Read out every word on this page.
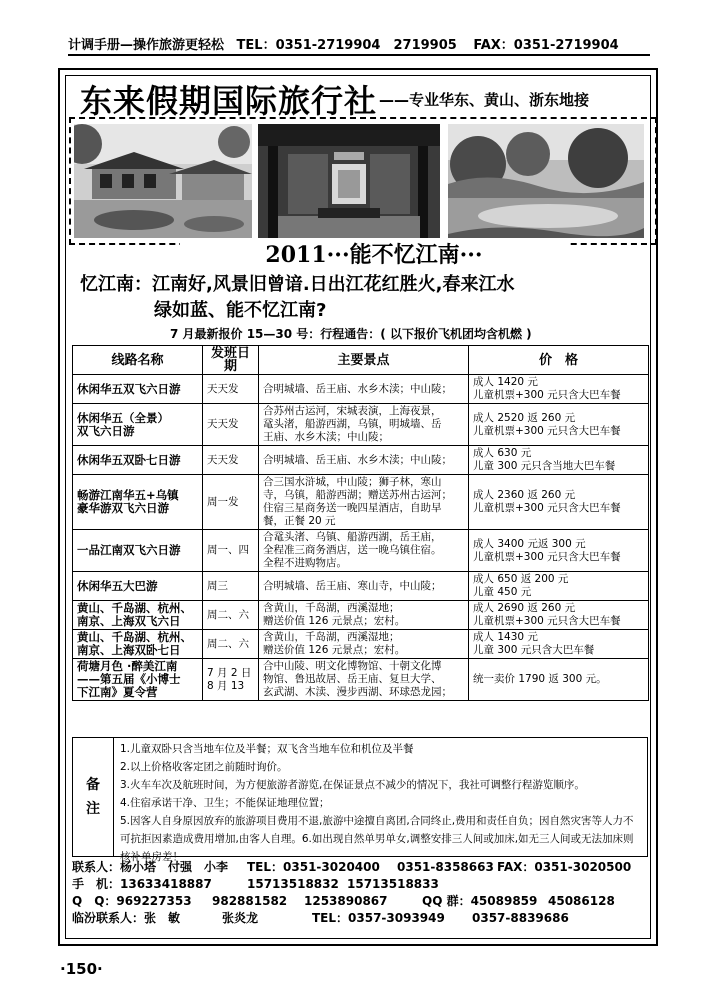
计调手册—操作旅游更轻松 TEL：0351-2719904　2719905 FAX：0351-2719904
东来假期国际旅行社 ——专业华东、黄山、浙东地接
2011···能不忆江南···
忆江南：江南好,风景旧曾谙.日出江花红胜火,春来江水
绿如蓝、能不忆江南?
7 月最新报价 15—30 号：行程通告：( 以下报价飞机团均含机燃 )
线路名称	发班日期	主要景点	价　格
休闲华五双飞六日游	天天发	合明城墙、岳王庙、水乡木渎；中山陵；	成人 1420 元
儿童机票+300 元只含大巴车餐
休闲华五（全景）
双飞六日游	天天发	合苏州古运河，宋城表演，上海夜景，
鼋头渚，船游西湖，乌镇，明城墙、岳
王庙、水乡木渎；中山陵；	成人 2520 返 260 元
儿童机票+300 元只含大巴车餐
休闲华五双卧七日游	天天发	合明城墙、岳王庙、水乡木渎；中山陵；	成人 630 元
儿童 300 元只含当地大巴车餐
畅游江南华五+乌镇
豪华游双飞六日游	周一发	合三国水浒城，中山陵；狮子林，寒山
寺，乌镇，船游西湖；赠送苏州古运河；
住宿三星商务送一晚四星酒店，自助早
餐，正餐 20 元	成人 2360 返 260 元
儿童机票+300 元只含大巴车餐
一品江南双飞六日游	周一、四	合鼋头渚、乌镇、船游西湖，岳王庙，
全程准三商务酒店，送一晚乌镇住宿。
全程不进购物店。	成人 3400 元返 300 元
儿童机票+300 元只含大巴车餐
休闲华五大巴游	周三	合明城墙、岳王庙、寒山寺，中山陵；	成人 650 返 200 元
儿童 450 元
黄山、千岛湖、杭州、
南京、上海双飞六日	周二、六	含黄山，千岛湖，西溪湿地；
赠送价值 126 元景点；宏村。	成人 2690 返 260 元
儿童机票+300 元只含大巴车餐
黄山、千岛湖、杭州、
南京、上海双卧七日	周二、六	含黄山，千岛湖，西溪湿地；
赠送价值 126 元景点；宏村。	成人 1430 元
儿童 300 元只含大巴车餐
荷塘月色 ·醉美江南
——第五届《小博士
下江南》夏令营	7 月 2 日
8 月 13	合中山陵、明文化博物馆、十朝文化博
物馆、鲁迅故居、岳王庙、复旦大学、
玄武湖、木渎、漫步西湖、环球恐龙园；	统一卖价 1790 返 300 元。
备
注
1.儿童双卧只含当地车位及半餐；双飞含当地车位和机位及半餐
2.以上价格收客定团之前随时询价。
3.火车车次及航班时间，为方便旅游者游览,在保证景点不减少的情况下，我社可调整行程游览顺序。
4.住宿承诺干净、卫生；不能保证地理位置；
5.因客人自身原因放弃的旅游项目费用不退,旅游中途擅自离团,合同终止,费用和责任自负；因自然灾害等人力不可抗拒因素造成费用增加,由客人自理。6.如出现自然单男单女,调整安排三人间或加床,如无三人间或无法加床则核补单房差！
联系人：杨小塔　付强　小李	TEL：0351-3020400	0351-8358663 FAX：0351-3020500
手　机：13633418887	15713518832 15713518833
Q　Q：969227353	982881582	1253890867	QQ 群：45089859 45086128
临汾联系人：张　敏	张炎龙	TEL：0357-3093949	0357-8839686
·150·
